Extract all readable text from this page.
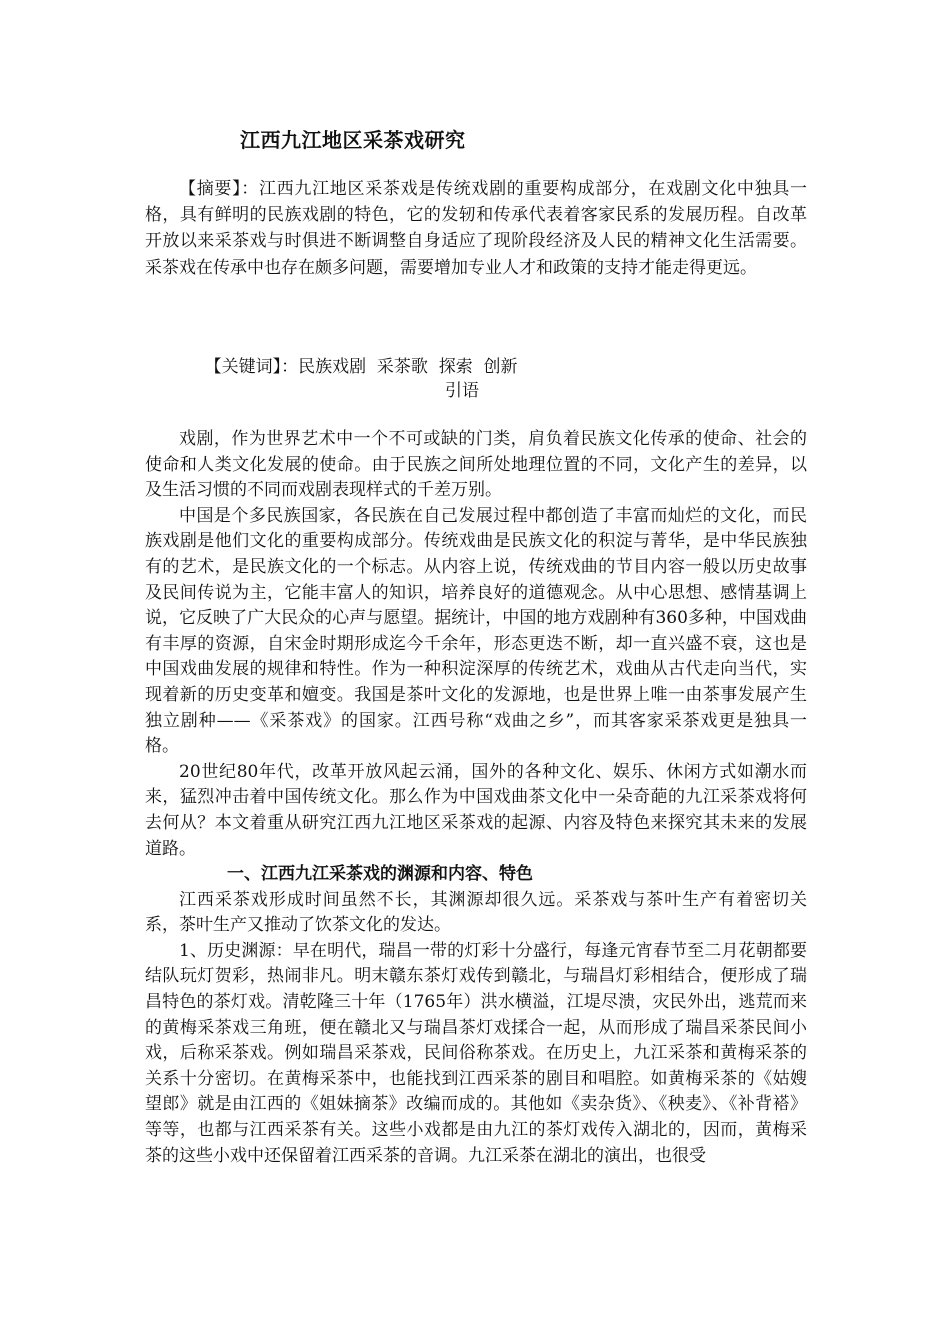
江西九江地区采茶戏研究
【摘要】：江西九江地区采茶戏是传统戏剧的重要构成部分，在戏剧文化中独具一格，具有鲜明的民族戏剧的特色，它的发轫和传承代表着客家民系的发展历程。自改革开放以来采茶戏与时俱进不断调整自身适应了现阶段经济及人民的精神文化生活需要。采茶戏在传承中也存在颇多问题，需要增加专业人才和政策的支持才能走得更远。

【关键词】：民族戏剧  采茶歌  探索  创新

引语

戏剧，作为世界艺术中一个不可或缺的门类，肩负着民族文化传承的使命、社会的使命和人类文化发展的使命。由于民族之间所处地理位置的不同，文化产生的差异，以及生活习惯的不同而戏剧表现样式的千差万别。

中国是个多民族国家，各民族在自己发展过程中都创造了丰富而灿烂的文化，而民族戏剧是他们文化的重要构成部分。传统戏曲是民族文化的积淀与菁华，是中华民族独有的艺术，是民族文化的一个标志。从内容上说，传统戏曲的节目内容一般以历史故事及民间传说为主，它能丰富人的知识，培养良好的道德观念。从中心思想、感情基调上说，它反映了广大民众的心声与愿望。据统计，中国的地方戏剧种有360多种，中国戏曲有丰厚的资源，自宋金时期形成迄今千余年，形态更迭不断，却一直兴盛不衰，这也是中国戏曲发展的规律和特性。作为一种积淀深厚的传统艺术，戏曲从古代走向当代，实现着新的历史变革和嬗变。我国是茶叶文化的发源地，也是世界上唯一由茶事发展产生独立剧种——《采茶戏》的国家。江西号称“戏曲之乡”，而其客家采茶戏更是独具一格。

20世纪80年代，改革开放风起云涌，国外的各种文化、娱乐、休闲方式如潮水而来，猛烈冲击着中国传统文化。那么作为中国戏曲茶文化中一朵奇葩的九江采茶戏将何去何从？本文着重从研究江西九江地区采茶戏的起源、内容及特色来探究其未来的发展道路。

一、江西九江采茶戏的渊源和内容、特色

江西采茶戏形成时间虽然不长，其渊源却很久远。采茶戏与茶叶生产有着密切关系，茶叶生产又推动了饮茶文化的发达。

1、历史渊源：早在明代，瑞昌一带的灯彩十分盛行，每逢元宵春节至二月花朝都要结队玩灯贺彩，热闹非凡。明末赣东茶灯戏传到赣北，与瑞昌灯彩相结合，便形成了瑞昌特色的茶灯戏。清乾隆三十年（1765年）洪水横溢，江堤尽溃，灾民外出，逃荒而来的黄梅采茶戏三角班，便在赣北又与瑞昌茶灯戏揉合一起，从而形成了瑞昌采茶民间小戏，后称采茶戏。例如瑞昌采茶戏，民间俗称茶戏。在历史上，九江采茶和黄梅采茶的关系十分密切。在黄梅采茶中，也能找到江西采茶的剧目和唱腔。如黄梅采茶的《姑嫂望郎》就是由江西的《姐妹摘茶》改编而成的。其他如《卖杂货》、《秧麦》、《补背褡》等等，也都与江西采茶有关。这些小戏都是由九江的茶灯戏传入湖北的，因而，黄梅采茶的这些小戏中还保留着江西采茶的音调。九江采茶在湖北的演出，也很受
